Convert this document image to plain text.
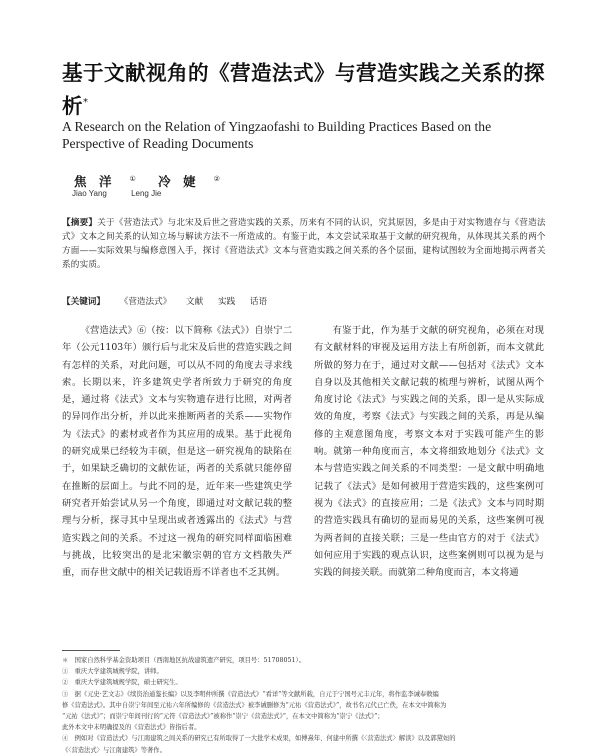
基于文献视角的《营造法式》与营造实践之关系的探析*
A Research on the Relation of Yingzaofashi to Building Practices Based on the Perspective of Reading Documents
焦　洋	① 冷　婕	②
Jiao Yang	Leng Jie
【摘要】关于《营造法式》与北宋及后世之营造实践的关系，历来有不同的认识，究其原因，多是由于对实物遗存与《营造法式》文本之间关系的认知立场与解读方法不一所造成的。有鉴于此，本文尝试采取基于文献的研究视角，从体现其关系的两个方面——实际效果与编修意图入手，探讨《营造法式》文本与营造实践之间关系的各个层面，建构试图较为全面地揭示两者关系的实质。
【关键词】 《营造法式》 文献 实践 话语

《营造法式》⑥（按：以下简称《法式》）自崇宁二年（公元1103年）颁行后与北宋及后世的营造实践之间有怎样的关系，对此问题，可以从不同的角度去寻求线索。长期以来，许多建筑史学者所致力于研究的角度是，通过将《法式》文本与实物遗存进行比照，对两者的异同作出分析，并以此来推断两者的关系——实物作为《法式》的素材或者作为其应用的成果。基于此视角的研究成果已经较为丰硕，但是这一研究视角的缺陷在于，如果缺乏确切的文献佐证，两者的关系就只能停留在推断的层面上。与此不同的是，近年来一些建筑史学研究者开始尝试从另一个角度，即通过对文献记载的整理与分析，探寻其中呈现出或者透露出的《法式》与营造实践之间的关系。不过这一视角的研究同样面临困难与挑战，比较突出的是北宋徽宗朝的官方文档散失严重，而存世文献中的相关记载语焉不详者也不乏其例。

有鉴于此，作为基于文献的研究视角，必须在对现有文献材料的审视及运用方法上有所创新，而本文就此所做的努力在于，通过对文献——包括对《法式》文本自身以及其他相关文献记载的梳理与辨析，试图从两个角度讨论《法式》与实践之间的关系，即一是从实际成效的角度，考察《法式》与实践之间的关系，再是从编修的主观意图角度，考察文本对于实践可能产生的影响。就第一种角度而言，本文将细致地划分《法式》文本与营造实践之间关系的不同类型：一是文献中明确地记载了《法式》是如何被用于营造实践的，这些案例可视为《法式》的直接应用；二是《法式》文本与同时期的营造实践具有确切的显而易见的关系，这些案例可视为两者间的直接关联；三是一些由官方的对于《法式》如何应用于实践的观点认识，这些案例则可以视为是与实践的间接关联。而就第二种角度而言，本文将通

＊　国家自然科学基金资助项目（西南地区抗战建筑遗产研究，项目号：51708051）。
①　重庆大学建筑城规学院，讲师。
②　重庆大学建筑城规学院，硕士研究生。
③　据《元史·艺文志》《续资治通鉴长编》以及李明仲所撰《营造法式》“看详”等文献所载，自元于宁国号元丰元年，将作监李诫奉敕编
修《营造法式》。其中自崇宁年间至元祐六年所编修的《营造法式》被李诫删修为“元祐《营造法式》”，故书名元代已亡佚，在本文中简称为
“元祐《法式》”；而崇宁年间刊行的“元符《营造法式》”被称作“崇宁《营造法式》”，在本文中简称为“崇宁《法式》”；
此外本文中未明确提及的《营造法式》皆指后者。
④　例如对《营造法式》与江南建筑之间关系的研究已有所取得了一大批学术成果，如傅熹年、何建中所撰《〈营造法式〉解读》以及郭黛姮的
《〈营造法式〉与江南建筑》等著作。
